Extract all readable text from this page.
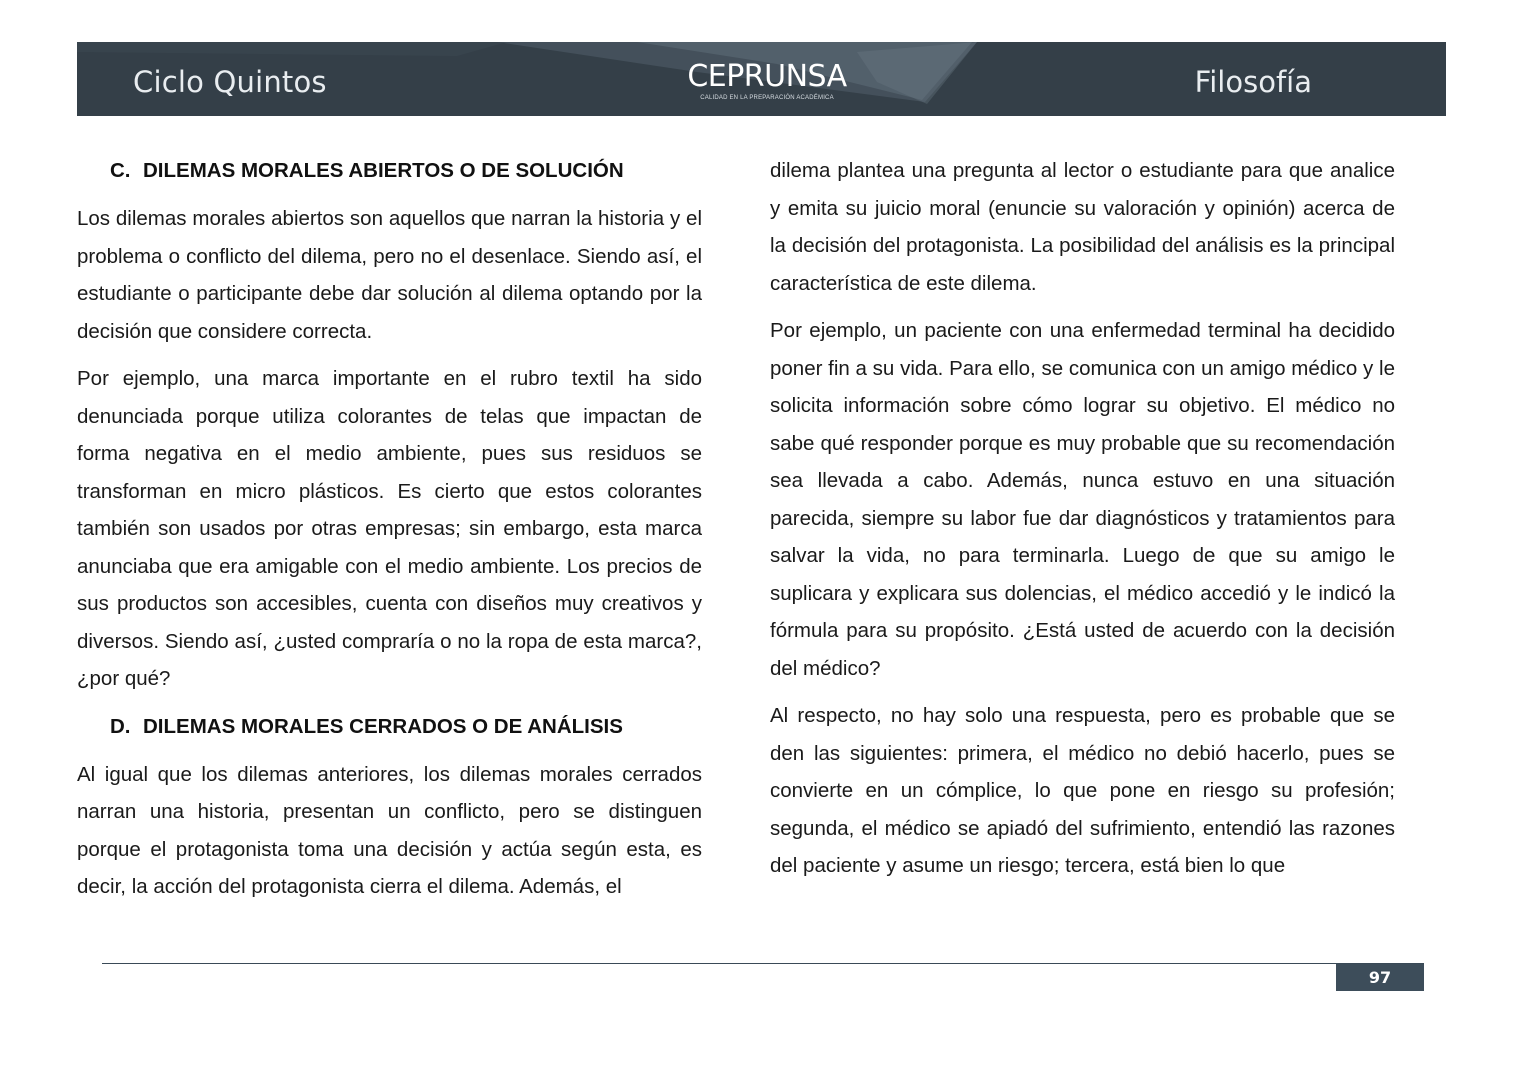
Ciclo Quintos	CEPRUNSA
CALIDAD EN LA PREPARACIÓN ACADÉMICA	Filosofía
C. DILEMAS MORALES ABIERTOS O DE SOLUCIÓN

Los dilemas morales abiertos son aquellos que narran la historia y el problema o conflicto del dilema, pero no el desenlace. Siendo así, el estudiante o participante debe dar solución al dilema optando por la decisión que considere correcta.

Por ejemplo, una marca importante en el rubro textil ha sido denunciada porque utiliza colorantes de telas que impactan de forma negativa en el medio ambiente, pues sus residuos se transforman en micro plásticos. Es cierto que estos colorantes también son usados por otras empresas; sin embargo, esta marca anunciaba que era amigable con el medio ambiente. Los precios de sus productos son accesibles, cuenta con diseños muy creativos y diversos. Siendo así, ¿usted compraría o no la ropa de esta marca?, ¿por qué?

D. DILEMAS MORALES CERRADOS O DE ANÁLISIS

Al igual que los dilemas anteriores, los dilemas morales cerrados narran una historia, presentan un conflicto, pero se distinguen porque el protagonista toma una decisión y actúa según esta, es decir, la acción del protagonista cierra el dilema. Además, el

dilema plantea una pregunta al lector o estudiante para que analice y emita su juicio moral (enuncie su valoración y opinión) acerca de la decisión del protagonista. La posibilidad del análisis es la principal característica de este dilema.

Por ejemplo, un paciente con una enfermedad terminal ha decidido poner fin a su vida. Para ello, se comunica con un amigo médico y le solicita información sobre cómo lograr su objetivo. El médico no sabe qué responder porque es muy probable que su recomendación sea llevada a cabo. Además, nunca estuvo en una situación parecida, siempre su labor fue dar diagnósticos y tratamientos para salvar la vida, no para terminarla. Luego de que su amigo le suplicara y explicara sus dolencias, el médico accedió y le indicó la fórmula para su propósito. ¿Está usted de acuerdo con la decisión del médico?

Al respecto, no hay solo una respuesta, pero es probable que se den las siguientes: primera, el médico no debió hacerlo, pues se convierte en un cómplice, lo que pone en riesgo su profesión; segunda, el médico se apiadó del sufrimiento, entendió las razones del paciente y asume un riesgo; tercera, está bien lo que

97
